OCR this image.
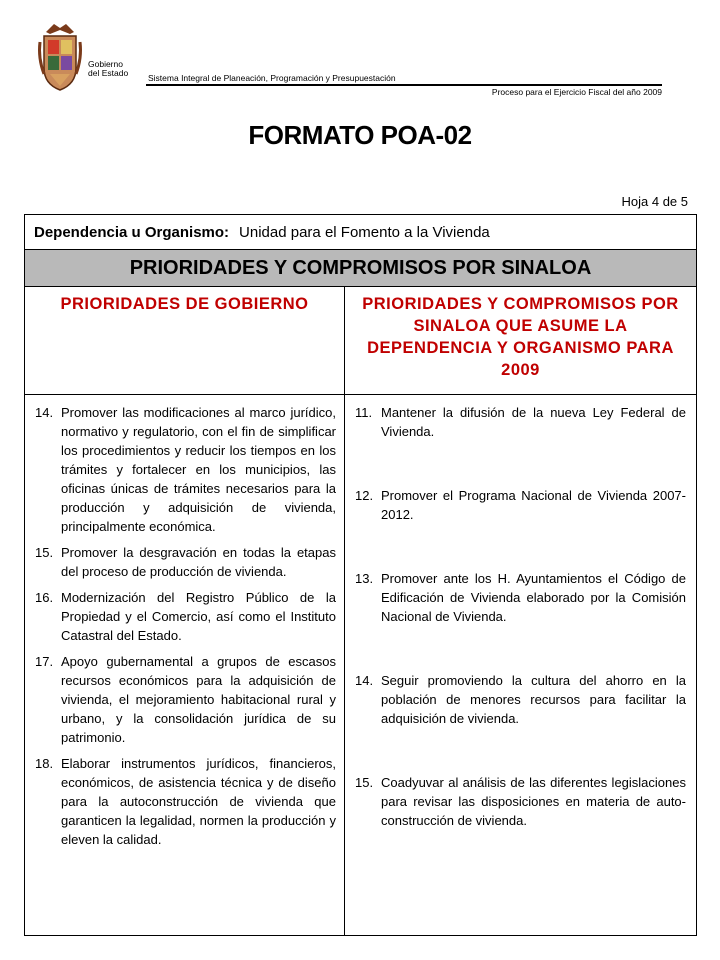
Gobierno
del Estado Sistema Integral de Planeación, Programación y Presupuestación
Proceso para el Ejercicio Fiscal del año 2009
FORMATO POA-02
Hoja 4 de 5
Dependencia u Organismo: Unidad para el Fomento a la Vivienda
PRIORIDADES Y COMPROMISOS POR SINALOA
PRIORIDADES DE GOBIERNO
14. Promover las modificaciones al marco jurídico, normativo y regulatorio, con el fin de simplificar los procedimientos y reducir los tiempos en los trámites y fortalecer en los municipios, las oficinas únicas de trámites necesarios para la producción y adquisición de vivienda, principalmente económica.
15. Promover la desgravación en todas la etapas del proceso de producción de vivienda.
16. Modernización del Registro Público de la Propiedad y el Comercio, así como el Instituto Catastral del Estado.
17. Apoyo gubernamental a grupos de escasos recursos económicos para la adquisición de vivienda, el mejoramiento habitacional rural y urbano, y la consolidación jurídica de su patrimonio.
18. Elaborar instrumentos jurídicos, financieros, económicos, de asistencia técnica y de diseño para la autoconstrucción de vivienda que garanticen la legalidad, normen la producción y eleven la calidad.
PRIORIDADES Y COMPROMISOS POR SINALOA QUE ASUME LA DEPENDENCIA Y ORGANISMO PARA 2009
11. Mantener la difusión de la nueva Ley Federal de Vivienda.
12. Promover el Programa Nacional de Vivienda 2007-2012.
13. Promover ante los H. Ayuntamientos el Código de Edificación de Vivienda elaborado por la Comisión Nacional de Vivienda.
14. Seguir promoviendo la cultura del ahorro en la población de menores recursos para facilitar la adquisición de vivienda.
15. Coadyuvar al análisis de las diferentes legislaciones para revisar las disposiciones en materia de auto-construcción de vivienda.
